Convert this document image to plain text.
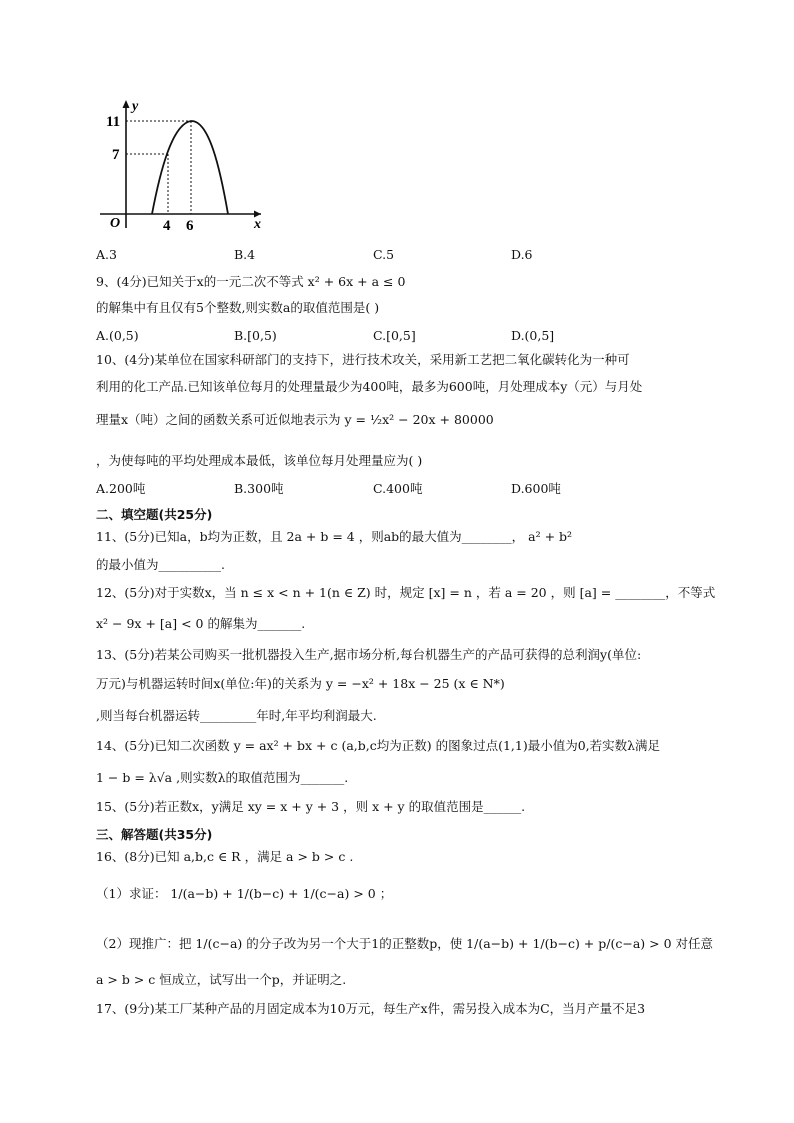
y
x
O
11
7
4 6
A.3	B.4	C.5	D.6
9、(4分)已知关于x的一元二次不等式 x² + 6x + a ≤ 0
的解集中有且仅有5个整数,则实数a的取值范围是( )
A.(0,5)	B.[0,5)	C.[0,5]	D.(0,5]
10、(4分)某单位在国家科研部门的支持下，进行技术攻关，采用新工艺把二氧化碳转化为一种可
利用的化工产品.已知该单位每月的处理量最少为400吨，最多为600吨，月处理成本y（元）与月处
理量x（吨）之间的函数关系可近似地表示为 y = ½x² − 20x + 80000
，为使每吨的平均处理成本最低，该单位每月处理量应为( )
A.200吨	B.300吨	C.400吨	D.600吨
二、填空题(共25分)
11、(5分)已知a，b均为正数，且 2a + b = 4 ，则ab的最大值为________， a² + b²
的最小值为__________.
12、(5分)对于实数x，当 n ≤ x < n + 1(n ∈ Z) 时，规定 [x] = n ，若 a = 20 ，则 [a] = ________，不等式
x² − 9x + [a] < 0 的解集为_______.
13、(5分)若某公司购买一批机器投入生产,据市场分析,每台机器生产的产品可获得的总利润y(单位:
万元)与机器运转时间x(单位:年)的关系为 y = −x² + 18x − 25 (x ∈ N*)
,则当每台机器运转_________年时,年平均利润最大.
14、(5分)已知二次函数 y = ax² + bx + c (a,b,c均为正数) 的图象过点(1,1)最小值为0,若实数λ满足
1 − b = λ√a ,则实数λ的取值范围为_______.
15、(5分)若正数x，y满足 xy = x + y + 3 ，则 x + y 的取值范围是______.
三、解答题(共35分)
16、(8分)已知 a,b,c ∈ R ，满足 a > b > c .
（1）求证： 1/(a−b) + 1/(b−c) + 1/(c−a) > 0 ；
（2）现推广：把 1/(c−a) 的分子改为另一个大于1的正整数p，使 1/(a−b) + 1/(b−c) + p/(c−a) > 0 对任意
a > b > c 恒成立，试写出一个p，并证明之.
17、(9分)某工厂某种产品的月固定成本为10万元，每生产x件，需另投入成本为C，当月产量不足3
